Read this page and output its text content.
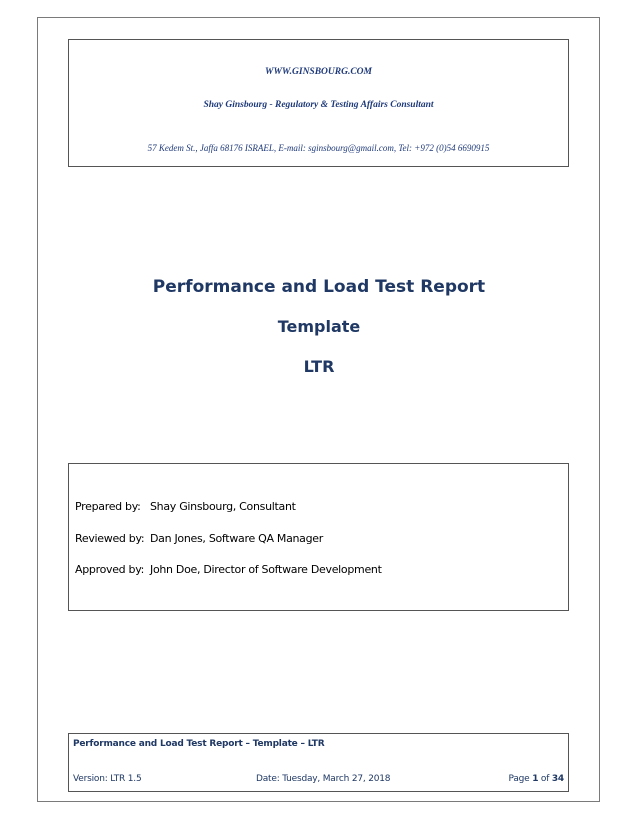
WWW.GINSBOURG.COM
Shay Ginsbourg - Regulatory & Testing Affairs Consultant
57 Kedem St., Jaffa 68176 ISRAEL, E-mail: sginsbourg@gmail.com, Tel: +972 (0)54 6690915
Performance and Load Test Report
Template
LTR
Prepared by: Shay Ginsbourg, Consultant
Reviewed by: Dan Jones, Software QA Manager
Approved by: John Doe, Director of Software Development
Performance and Load Test Report – Template – LTR
Version: LTR 1.5	Date: Tuesday, March 27, 2018	Page 1 of 34
